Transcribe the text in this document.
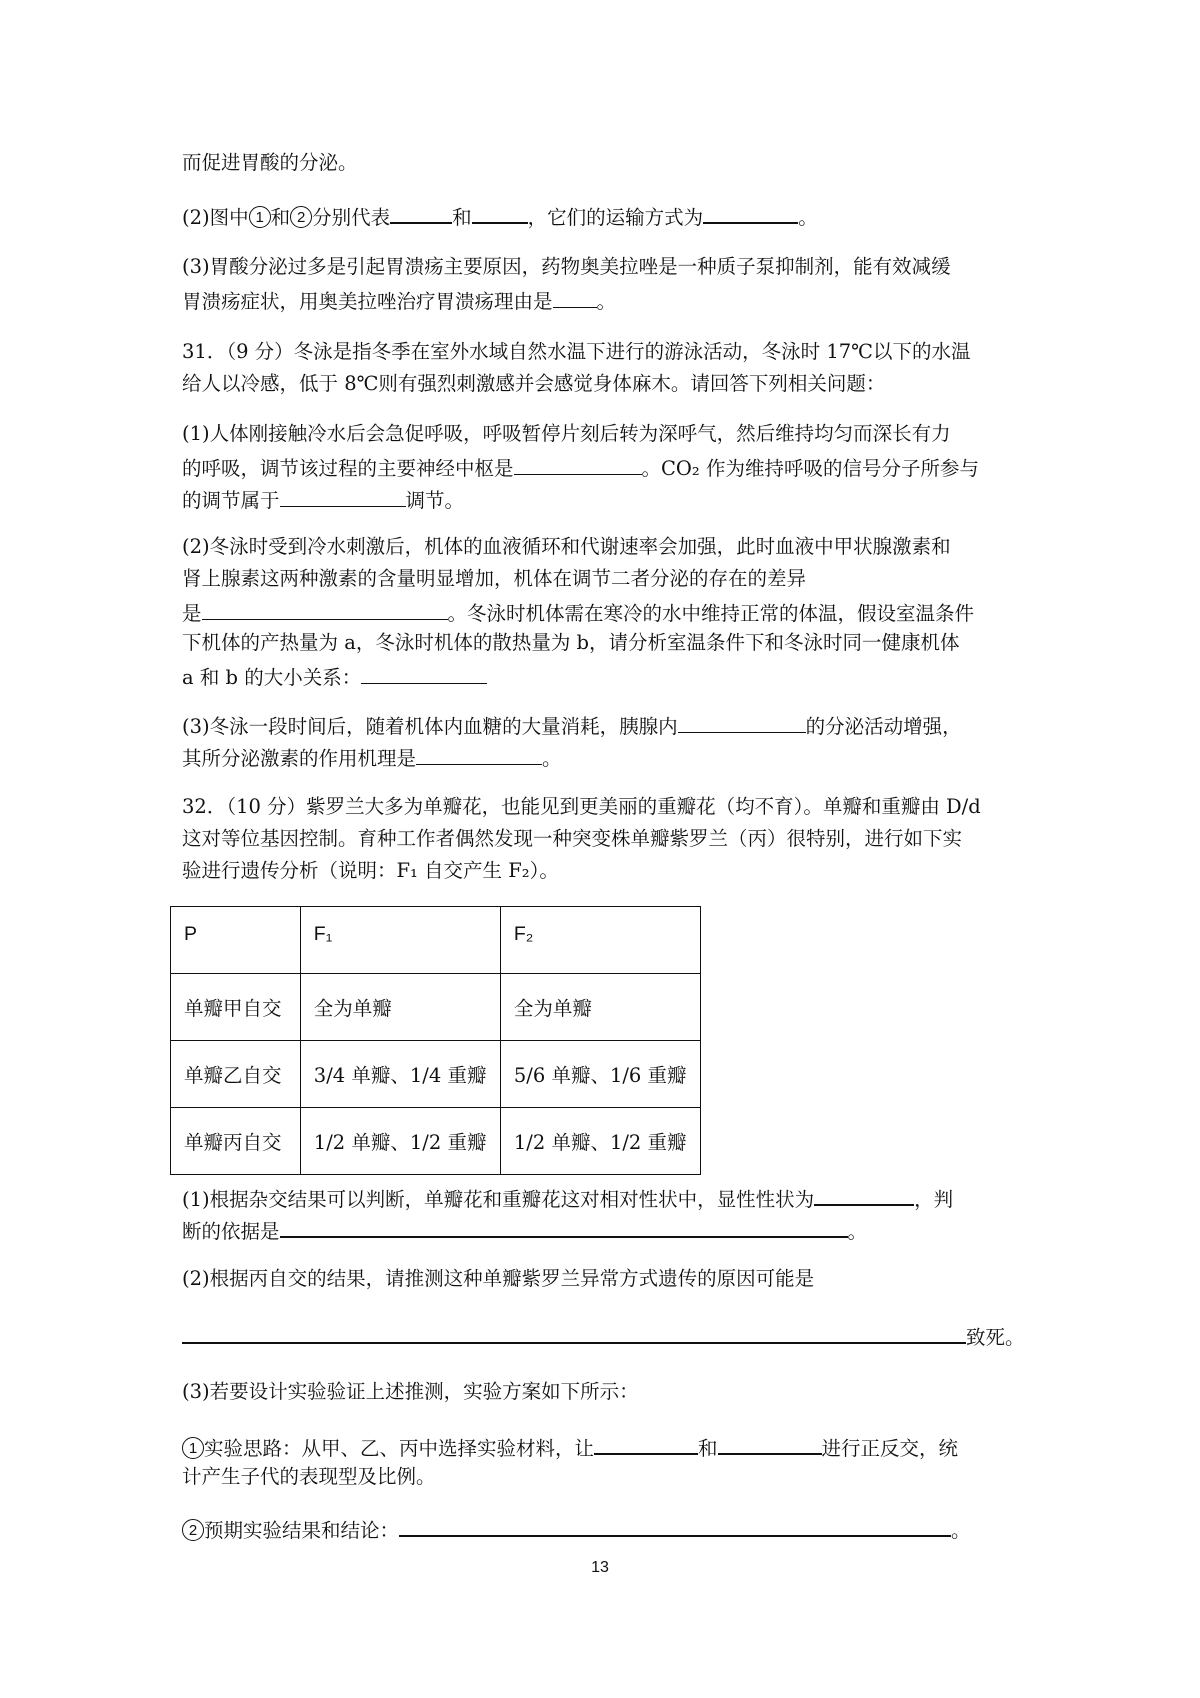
而促进胃酸的分泌。
(2)图中 1 和 2 分别代表	和	，它们的运输方式为	。
(3)胃酸分泌过多是引起胃溃疡主要原因，药物奥美拉唑是一种质子泵抑制剂，能有效减缓
胃溃疡症状，用奥美拉唑治疗胃溃疡理由是 。
31．（9 分）冬泳是指冬季在室外水域自然水温下进行的游泳活动，冬泳时 17℃以下的水温
给人以冷感，低于 8℃则有强烈刺激感并会感觉身体麻木。请回答下列相关问题：
(1)人体刚接触冷水后会急促呼吸，呼吸暂停片刻后转为深呼气，然后维持均匀而深长有力
的呼吸，调节该过程的主要神经中枢是	。CO₂ 作为维持呼吸的信号分子所参与
的调节属于	调节。
(2)冬泳时受到冷水刺激后，机体的血液循环和代谢速率会加强，此时血液中甲状腺激素和
肾上腺素这两种激素的含量明显增加，机体在调节二者分泌的存在的差异
是	。冬泳时机体需在寒冷的水中维持正常的体温，假设室温条件
下机体的产热量为 a，冬泳时机体的散热量为 b，请分析室温条件下和冬泳时同一健康机体
a 和 b 的大小关系：
(3)冬泳一段时间后，随着机体内血糖的大量消耗，胰腺内	的分泌活动增强，
其所分泌激素的作用机理是	。
32．（10 分）紫罗兰大多为单瓣花，也能见到更美丽的重瓣花（均不育）。单瓣和重瓣由 D/d
这对等位基因控制。育种工作者偶然发现一种突变株单瓣紫罗兰（丙）很特别，进行如下实
验进行遗传分析（说明：F₁ 自交产生 F₂）。
P	F₁	F₂
单瓣甲自交	全为单瓣	全为单瓣
单瓣乙自交	3/4 单瓣、1/4 重瓣	5/6 单瓣、1/6 重瓣
单瓣丙自交	1/2 单瓣、1/2 重瓣	1/2 单瓣、1/2 重瓣
(1)根据杂交结果可以判断，单瓣花和重瓣花这对相对性状中，显性性状为	，判
断的依据是	。
(2)根据丙自交的结果，请推测这种单瓣紫罗兰异常方式遗传的原因可能是
致死。
(3)若要设计实验验证上述推测，实验方案如下所示：
1 实验思路：从甲、乙、丙中选择实验材料，让	和	进行正反交，统
计产生子代的表现型及比例。
2 预期实验结果和结论：	。
13
